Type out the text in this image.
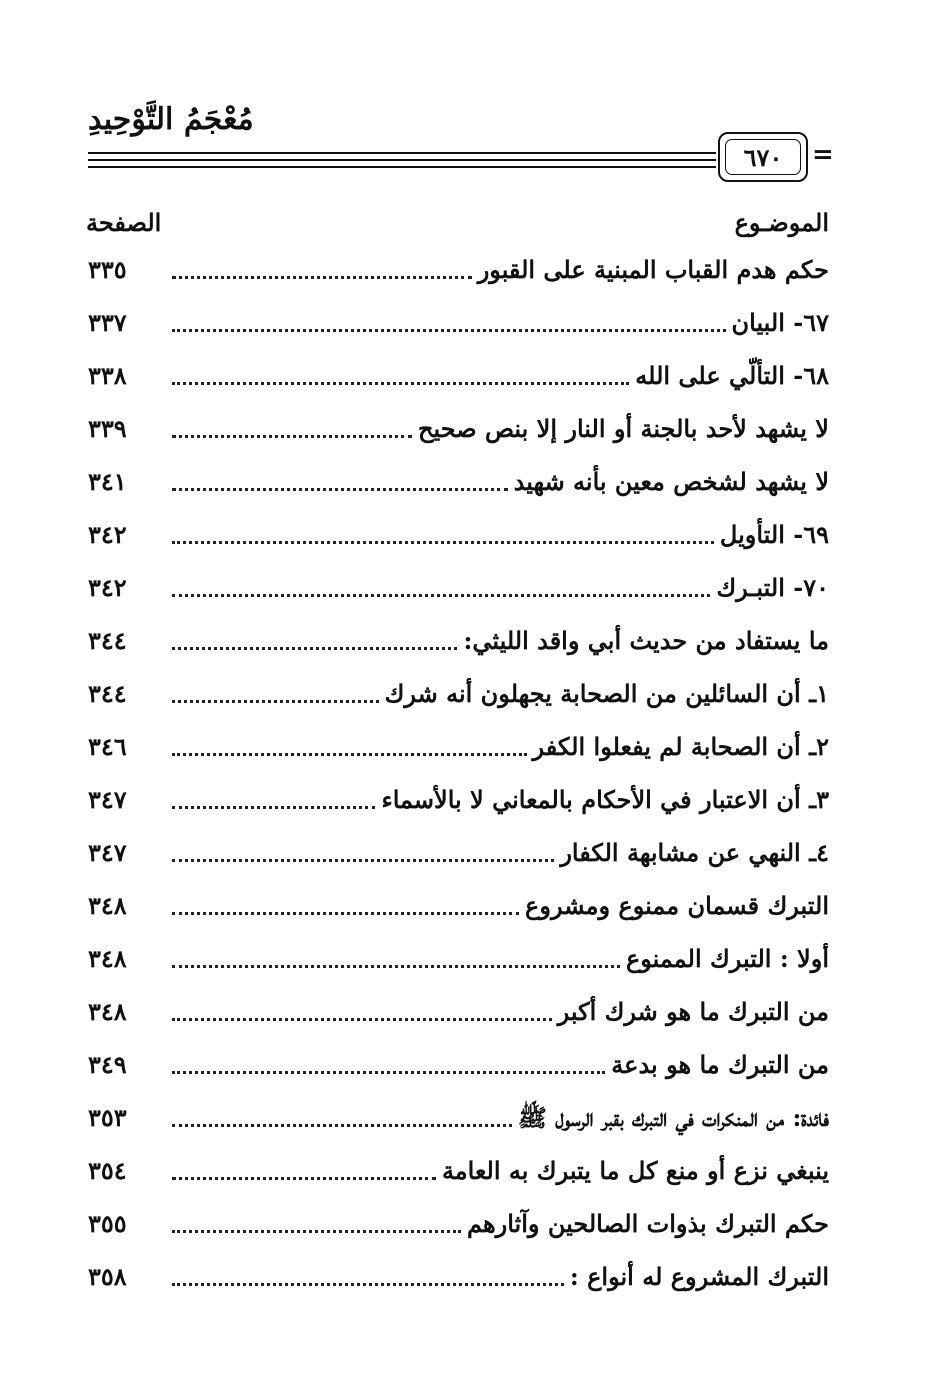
مُعْجَمُ التَّوْحِيدِ
٦٧٠	=
الموضـوع
الصفحة
حكم هدم القباب المبنية على القبور
٣٣٥
٦٧- البيان
٣٣٧
٦٨- التألّي على الله
٣٣٨
لا يشهد لأحد بالجنة أو النار إلا بنص صحيح
٣٣٩
لا يشهد لشخص معين بأنه شهيد
٣٤١
٦٩- التأويل
٣٤٢
٧٠- التبـرك
٣٤٢
ما يستفاد من حديث أبي واقد الليثي:
٣٤٤
١ـ أن السائلين من الصحابة يجهلون أنه شرك
٣٤٤
٢ـ أن الصحابة لم يفعلوا الكفر
٣٤٦
٣ـ أن الاعتبار في الأحكام بالمعاني لا بالأسماء
٣٤٧
٤ـ النهي عن مشابهة الكفار
٣٤٧
التبرك قسمان ممنوع ومشروع
٣٤٨
أولا : التبرك الممنوع
٣٤٨
من التبرك ما هو شرك أكبر
٣٤٨
من التبرك ما هو بدعة
٣٤٩
فائدة: من المنكرات في التبرك بقبر الرسول ﷺ
٣٥٣
ينبغي نزع أو منع كل ما يتبرك به العامة
٣٥٤
حكم التبرك بذوات الصالحين وآثارهم
٣٥٥
التبرك المشروع له أنواع :
٣٥٨
